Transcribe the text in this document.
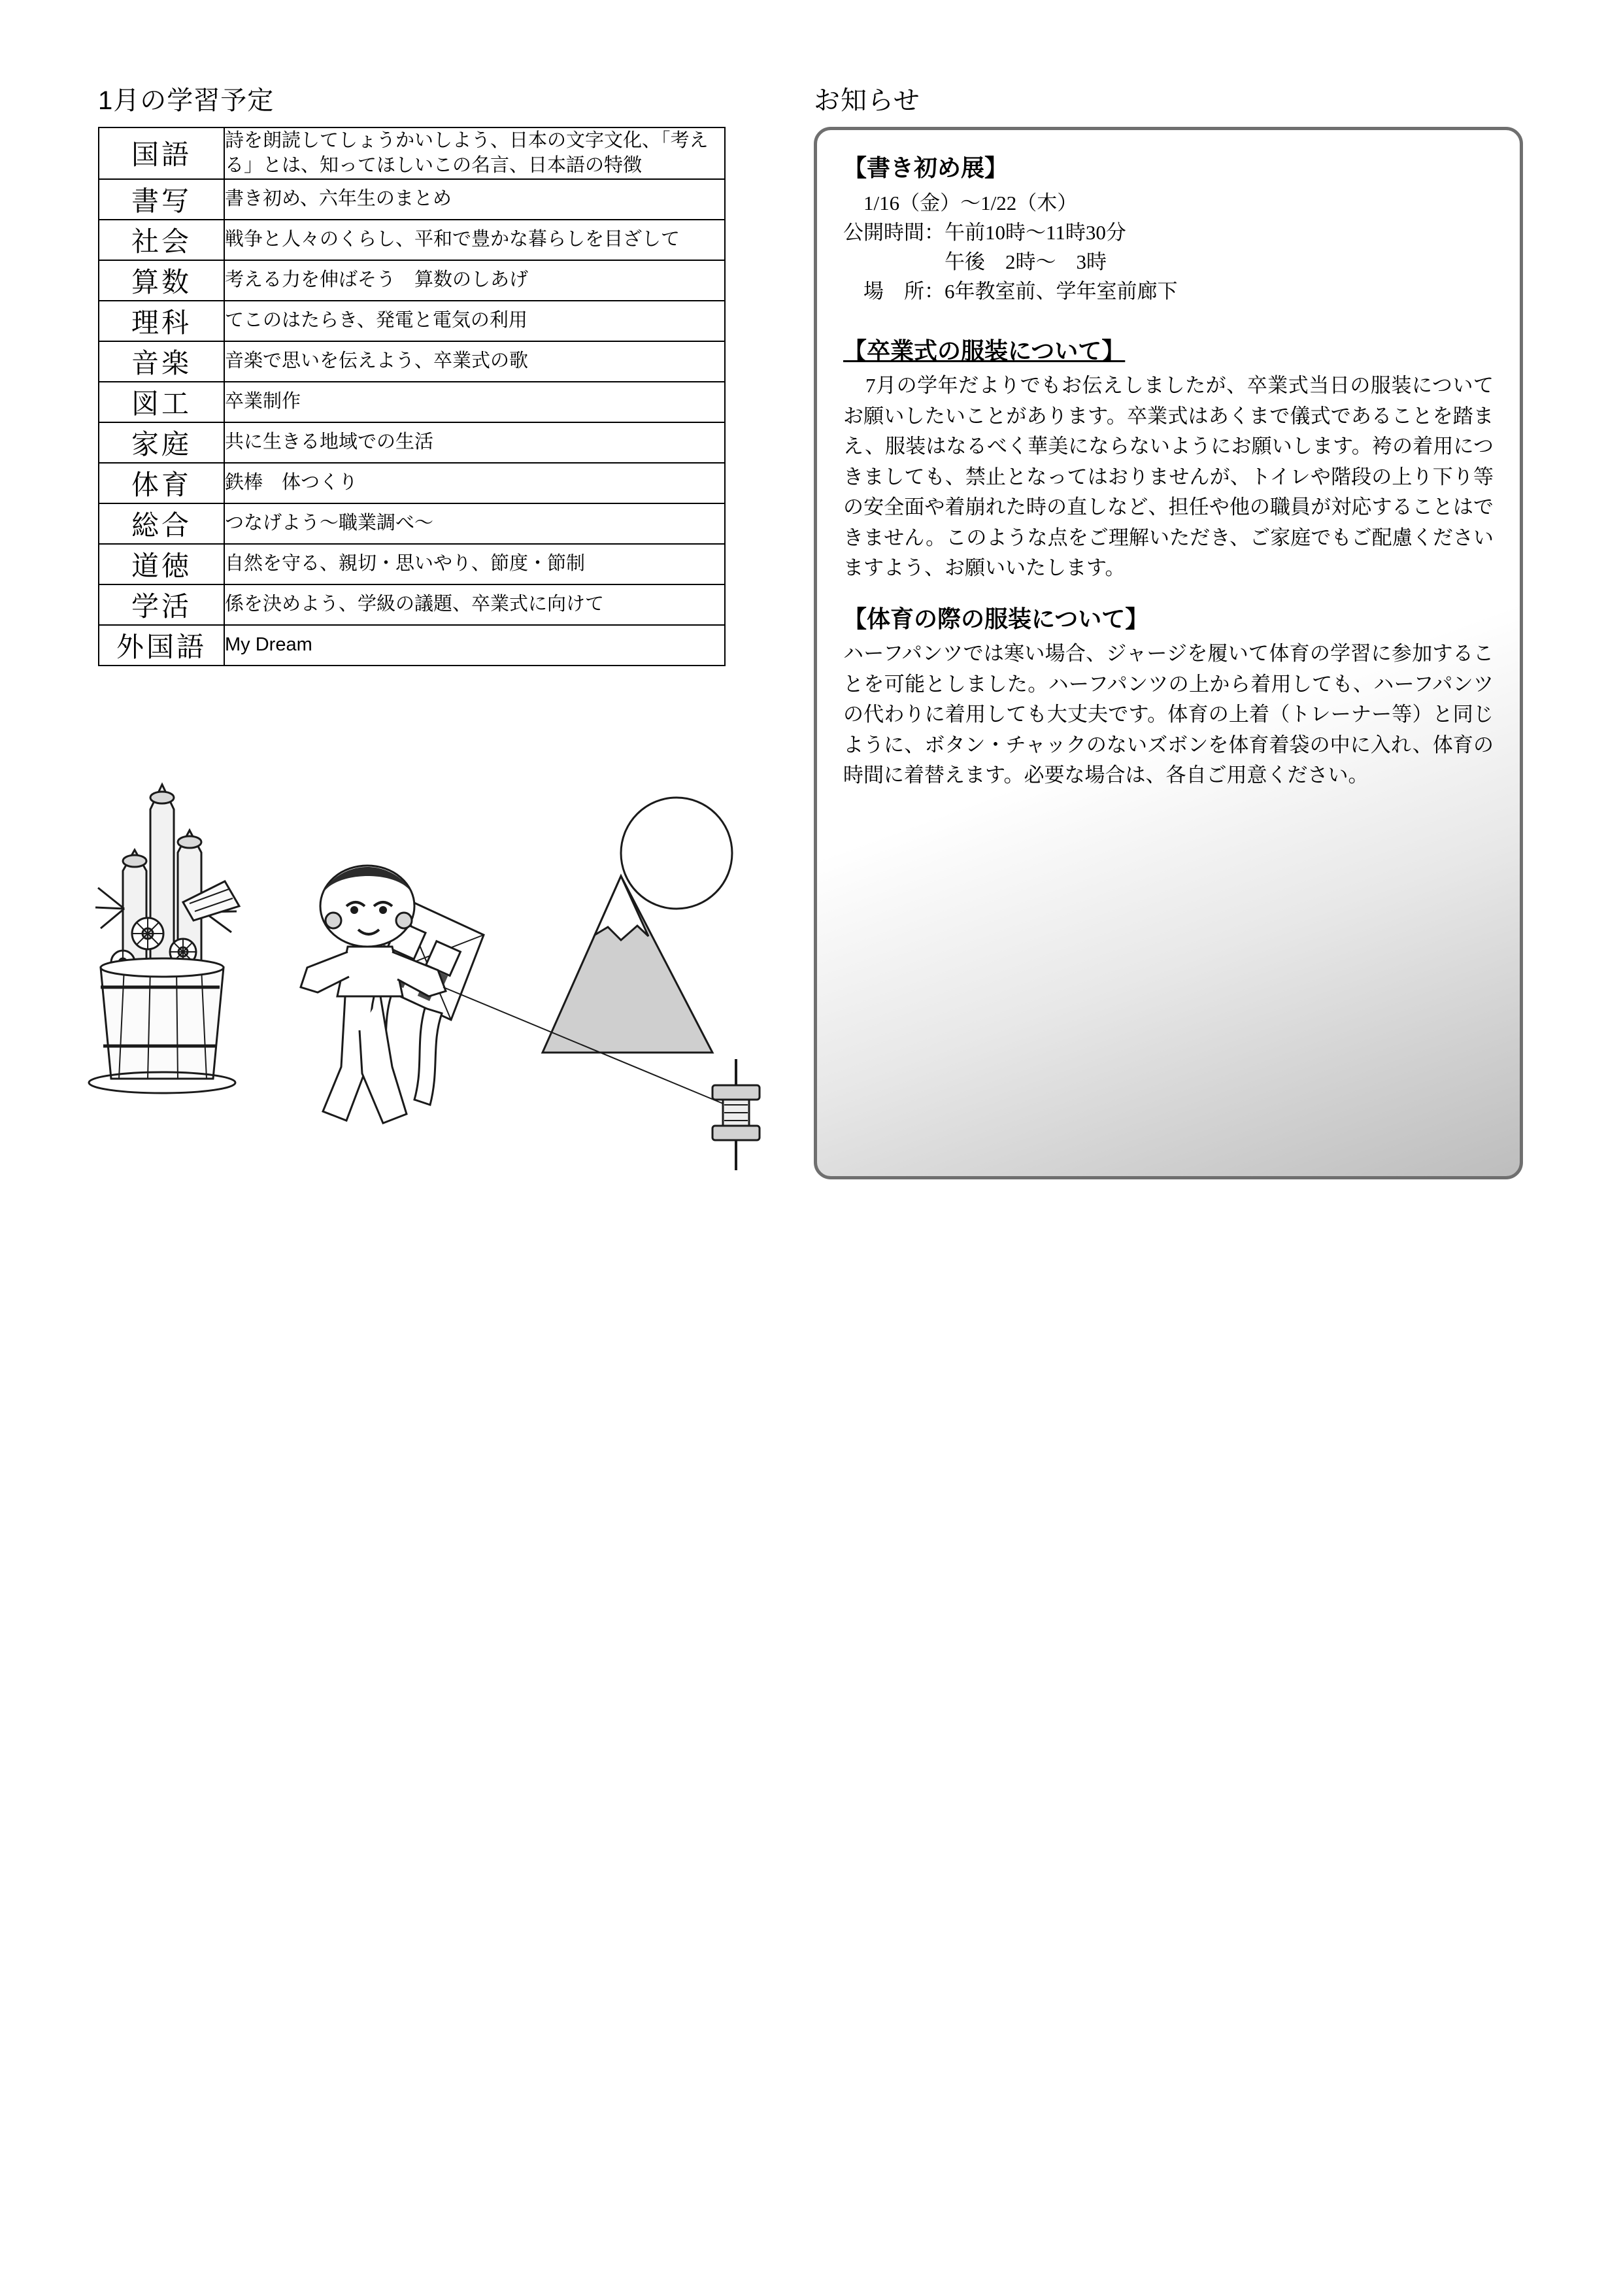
1月の学習予定
国語	詩を朗読してしょうかいしよう、日本の文字文化、「考える」とは、知ってほしいこの名言、日本語の特徴
書写	書き初め、六年生のまとめ
社会	戦争と人々のくらし、平和で豊かな暮らしを目ざして
算数	考える力を伸ばそう　算数のしあげ
理科	てこのはたらき、発電と電気の利用
音楽	音楽で思いを伝えよう、卒業式の歌
図工	卒業制作
家庭	共に生きる地域での生活
体育	鉄棒　体つくり
総合	つなげよう〜職業調べ〜
道徳	自然を守る、親切・思いやり、節度・節制
学活	係を決めよう、学級の議題、卒業式に向けて
外国語	My Dream
お知らせ
【書き初め展】
　1/16（金）〜1/22（木）
公開時間：午前10時〜11時30分
　　　　　午後　2時〜　3時
　場　所：6年教室前、学年室前廊下
【卒業式の服装について】
7月の学年だよりでもお伝えしましたが、卒業式当日の服装についてお願いしたいことがあります。卒業式はあくまで儀式であることを踏まえ、服装はなるべく華美にならないようにお願いします。袴の着用につきましても、禁止となってはおりませんが、トイレや階段の上り下り等の安全面や着崩れた時の直しなど、担任や他の職員が対応することはできません。このような点をご理解いただき、ご家庭でもご配慮くださいますよう、お願いいたします。
【体育の際の服装について】
ハーフパンツでは寒い場合、ジャージを履いて体育の学習に参加することを可能としました。ハーフパンツの上から着用しても、ハーフパンツの代わりに着用しても大丈夫です。体育の上着（トレーナー等）と同じように、ボタン・チャックのないズボンを体育着袋の中に入れ、体育の時間に着替えます。必要な場合は、各自ご用意ください。
